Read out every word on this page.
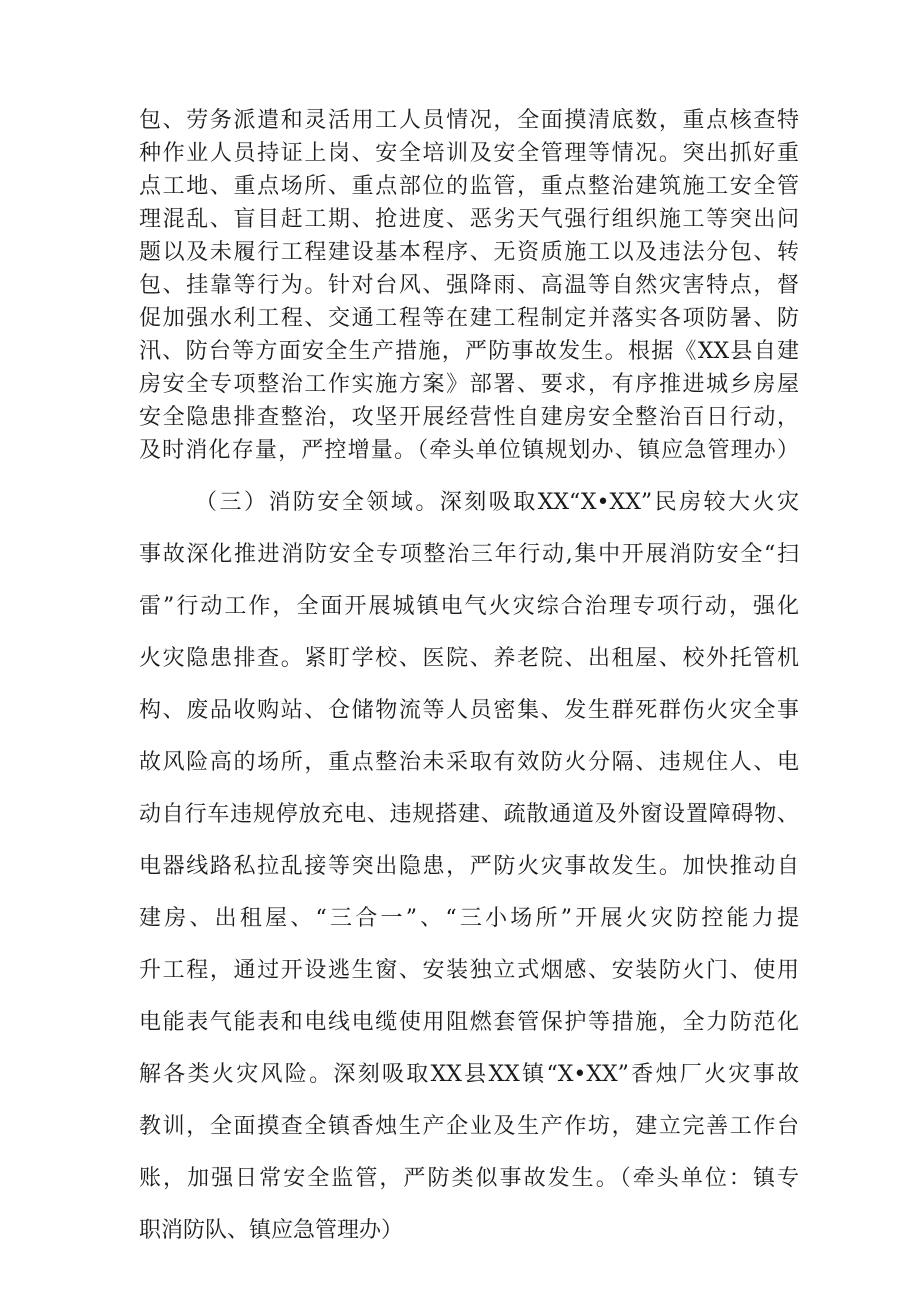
包、劳务派遣和灵活用工人员情况，全面摸清底数，重点核查特
种作业人员持证上岗、安全培训及安全管理等情况。突出抓好重
点工地、重点场所、重点部位的监管，重点整治建筑施工安全管
理混乱、盲目赶工期、抢进度、恶劣天气强行组织施工等突出问
题以及未履行工程建设基本程序、无资质施工以及违法分包、转
包、挂靠等行为。针对台风、强降雨、高温等自然灾害特点，督
促加强水利工程、交通工程等在建工程制定并落实各项防暑、防
汛、防台等方面安全生产措施，严防事故发生。根据《XX县自建
房安全专项整治工作实施方案》部署、要求，有序推进城乡房屋
安全隐患排查整治，攻坚开展经营性自建房安全整治百日行动，
及时消化存量，严控增量。（牵头单位镇规划办、镇应急管理办）
（三）消防安全领域。深刻吸取XX“X•XX”民房较大火灾
事故深化推进消防安全专项整治三年行动,集中开展消防安全“扫
雷”行动工作，全面开展城镇电气火灾综合治理专项行动，强化
火灾隐患排查。紧盯学校、医院、养老院、出租屋、校外托管机
构、废品收购站、仓储物流等人员密集、发生群死群伤火灾全事
故风险高的场所，重点整治未采取有效防火分隔、违规住人、电
动自行车违规停放充电、违规搭建、疏散通道及外窗设置障碍物、
电器线路私拉乱接等突出隐患，严防火灾事故发生。加快推动自
建房、出租屋、“三合一”、“三小场所”开展火灾防控能力提
升工程，通过开设逃生窗、安装独立式烟感、安装防火门、使用
电能表气能表和电线电缆使用阻燃套管保护等措施，全力防范化
解各类火灾风险。深刻吸取XX县XX镇“X•XX”香烛厂火灾事故
教训，全面摸查全镇香烛生产企业及生产作坊，建立完善工作台
账，加强日常安全监管，严防类似事故发生。（牵头单位：镇专
职消防队、镇应急管理办）
